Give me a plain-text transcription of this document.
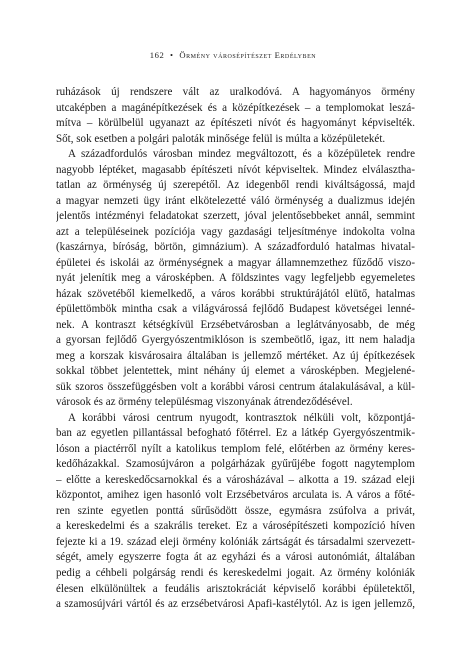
162 • Örmény városépítészet Erdélyben
ruházások új rendszere vált az uralkodóvá. A hagyományos örmény
utcaképben a magánépítkezések és a középítkezések – a templomokat leszá-
mítva – körülbelül ugyanazt az építészeti nívót és hagyományt képviselték.
Sőt, sok esetben a polgári paloták minősége felül is múlta a középületekét.
A századfordulós városban mindez megváltozott, és a középületek rendre
nagyobb léptéket, magasabb építészeti nívót képviseltek. Mindez elválasztha-
tatlan az örménység új szerepétől. Az idegenből rendi kiváltságossá, majd
a magyar nemzeti ügy iránt elkötelezetté váló örménység a dualizmus idején
jelentős intézményi feladatokat szerzett, jóval jelentősebbeket annál, semmint
azt a településeinek pozíciója vagy gazdasági teljesítménye indokolta volna
(kaszárnya, bíróság, börtön, gimnázium). A századforduló hatalmas hivatal-
épületei és iskolái az örménységnek a magyar államnemzethez fűződő viszo-
nyát jelenítik meg a városképben. A földszintes vagy legfeljebb egyemeletes
házak szövetéből kiemelkedő, a város korábbi struktúrájától elütő, hatalmas
épülettömbök mintha csak a világvárossá fejlődő Budapest követségei lenné-
nek. A kontraszt kétségkívül Erzsébetvárosban a leglátványosabb, de még
a gyorsan fejlődő Gyergyószentmiklóson is szembeötlő, igaz, itt nem haladja
meg a korszak kisvárosaira általában is jellemző mértéket. Az új építkezések
sokkal többet jelentettek, mint néhány új elemet a városképben. Megjelené-
sük szoros összefüggésben volt a korábbi városi centrum átalakulásával, a kül-
városok és az örmény településmag viszonyának átrendeződésével.
A korábbi városi centrum nyugodt, kontrasztok nélküli volt, központjá-
ban az egyetlen pillantással befogható főtérrel. Ez a látkép Gyergyószentmik-
lóson a piactérről nyílt a katolikus templom felé, előtérben az örmény keres-
kedőházakkal. Szamosújváron a polgárházak gyűrűjébe fogott nagytemplom
– előtte a kereskedőcsarnokkal és a városházával – alkotta a 19. század eleji
központot, amihez igen hasonló volt Erzsébetváros arculata is. A város a főté-
ren szinte egyetlen ponttá sűrűsödött össze, egymásra zsúfolva a privát,
a kereskedelmi és a szakrális tereket. Ez a városépítészeti kompozíció híven
fejezte ki a 19. század eleji örmény kolóniák zártságát és társadalmi szervezett-
ségét, amely egyszerre fogta át az egyházi és a városi autonómiát, általában
pedig a céhbeli polgárság rendi és kereskedelmi jogait. Az örmény kolóniák
élesen elkülönültek a feudális arisztokráciát képviselő korábbi épületektől,
a szamosújvári vártól és az erzsébetvárosi Apafi-kastélytól. Az is igen jellemző,
